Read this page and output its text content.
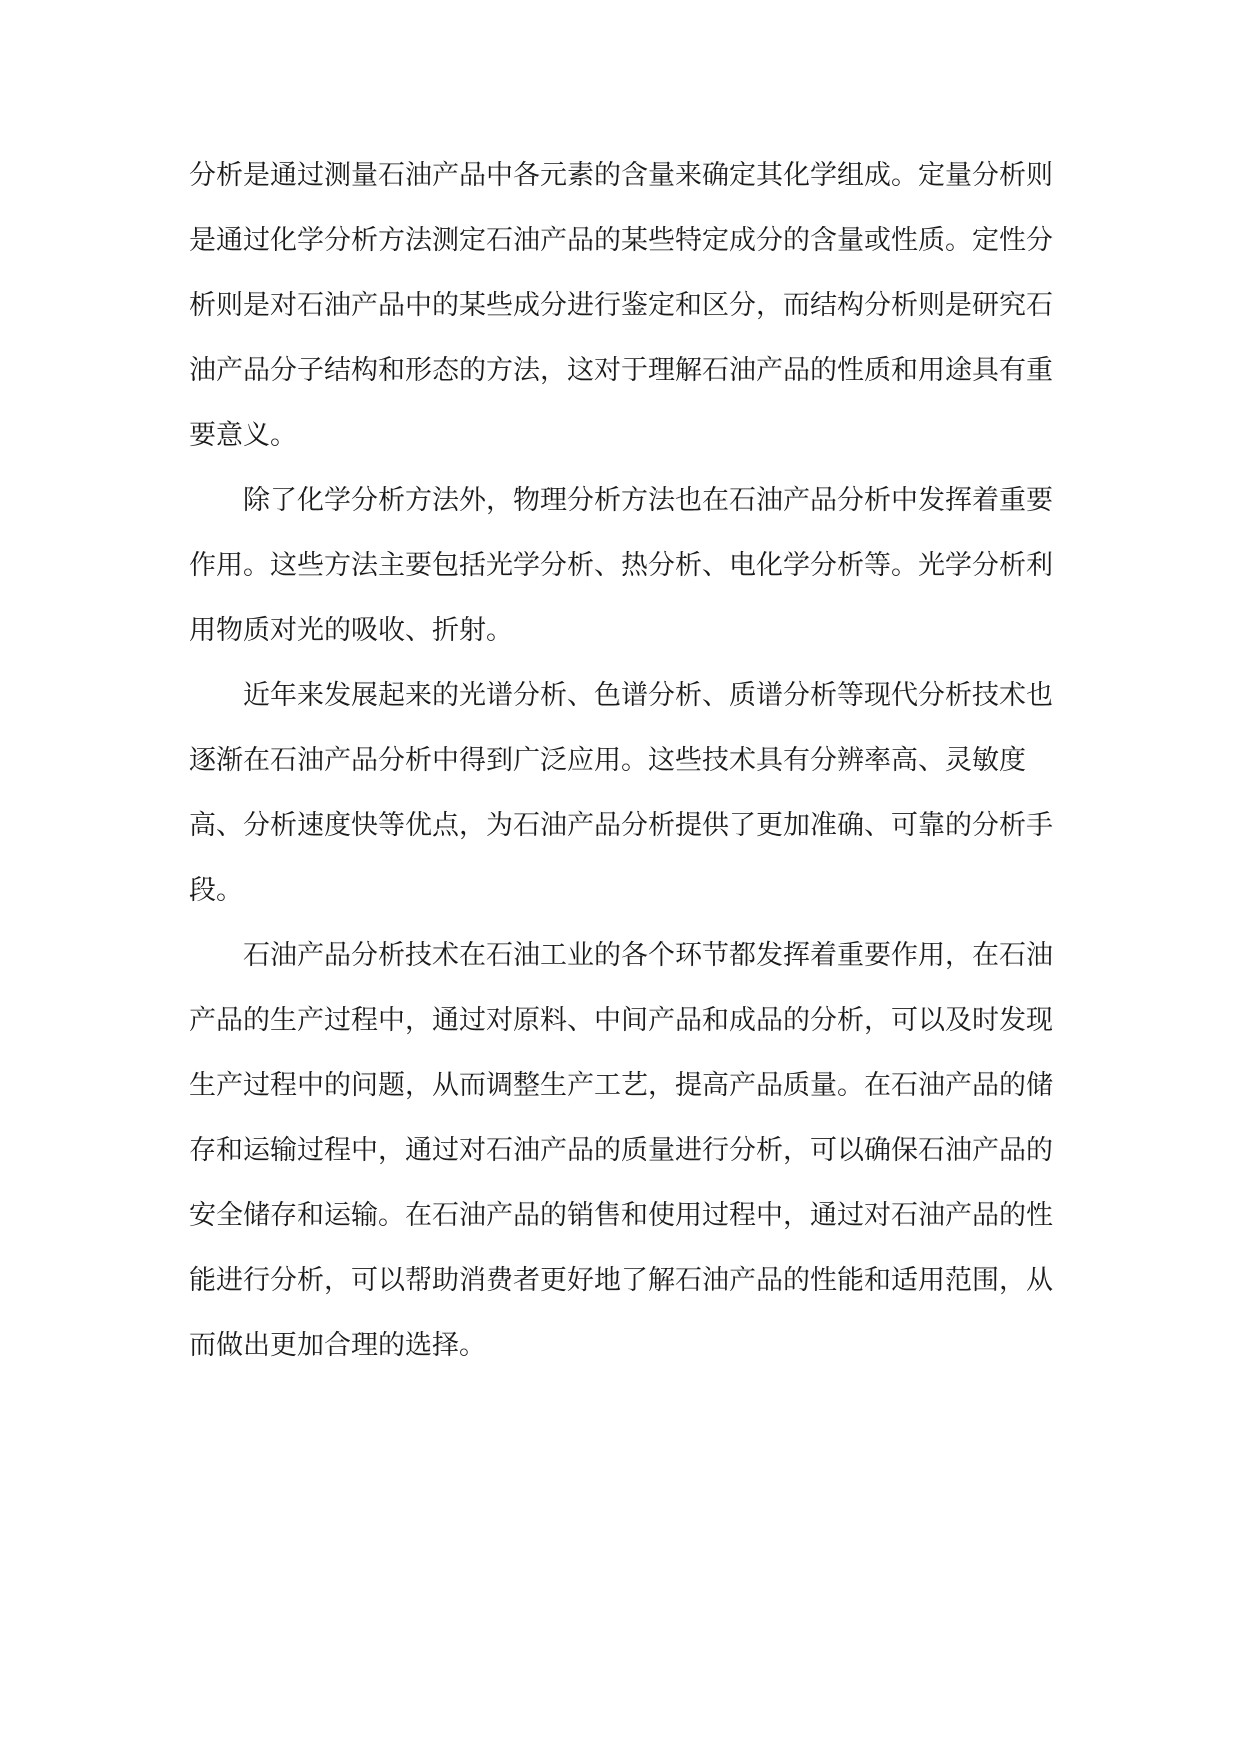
分析是通过测量石油产品中各元素的含量来确定其化学组成。定量分析则是通过化学分析方法测定石油产品的某些特定成分的含量或性质。定性分析则是对石油产品中的某些成分进行鉴定和区分，而结构分析则是研究石油产品分子结构和形态的方法，这对于理解石油产品的性质和用途具有重要意义。

除了化学分析方法外，物理分析方法也在石油产品分析中发挥着重要作用。这些方法主要包括光学分析、热分析、电化学分析等。光学分析利用物质对光的吸收、折射。

近年来发展起来的光谱分析、色谱分析、质谱分析等现代分析技术也逐渐在石油产品分析中得到广泛应用。这些技术具有分辨率高、灵敏度高、分析速度快等优点，为石油产品分析提供了更加准确、可靠的分析手段。

石油产品分析技术在石油工业的各个环节都发挥着重要作用，在石油产品的生产过程中，通过对原料、中间产品和成品的分析，可以及时发现生产过程中的问题，从而调整生产工艺，提高产品质量。在石油产品的储存和运输过程中，通过对石油产品的质量进行分析，可以确保石油产品的安全储存和运输。在石油产品的销售和使用过程中，通过对石油产品的性能进行分析，可以帮助消费者更好地了解石油产品的性能和适用范围，从而做出更加合理的选择。
